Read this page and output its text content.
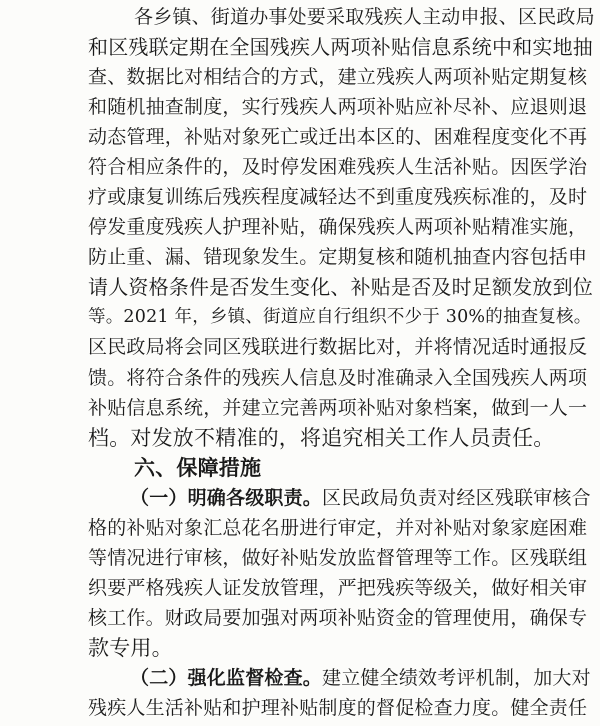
各乡镇、街道办事处要采取残疾人主动申报、区民政局
和区残联定期在全国残疾人两项补贴信息系统中和实地抽
查、数据比对相结合的方式，建立残疾人两项补贴定期复核
和随机抽查制度，实行残疾人两项补贴应补尽补、应退则退
动态管理，补贴对象死亡或迁出本区的、困难程度变化不再
符合相应条件的，及时停发困难残疾人生活补贴。因医学治
疗或康复训练后残疾程度减轻达不到重度残疾标准的，及时
停发重度残疾人护理补贴，确保残疾人两项补贴精准实施，
防止重、漏、错现象发生。定期复核和随机抽查内容包括申
请人资格条件是否发生变化、补贴是否及时足额发放到位
等。2021 年，乡镇、街道应自行组织不少于 30%的抽查复核。
区民政局将会同区残联进行数据比对，并将情况适时通报反
馈。将符合条件的残疾人信息及时准确录入全国残疾人两项
补贴信息系统，并建立完善两项补贴对象档案，做到一人一
档。对发放不精准的，将追究相关工作人员责任。
六、保障措施
（一）明确各级职责。区民政局负责对经区残联审核合
格的补贴对象汇总花名册进行审定，并对补贴对象家庭困难
等情况进行审核，做好补贴发放监督管理等工作。区残联组
织要严格残疾人证发放管理，严把残疾等级关，做好相关审
核工作。财政局要加强对两项补贴资金的管理使用，确保专
款专用。
（二）强化监督检查。建立健全绩效考评机制，加大对
残疾人生活补贴和护理补贴制度的督促检查力度。健全责任
